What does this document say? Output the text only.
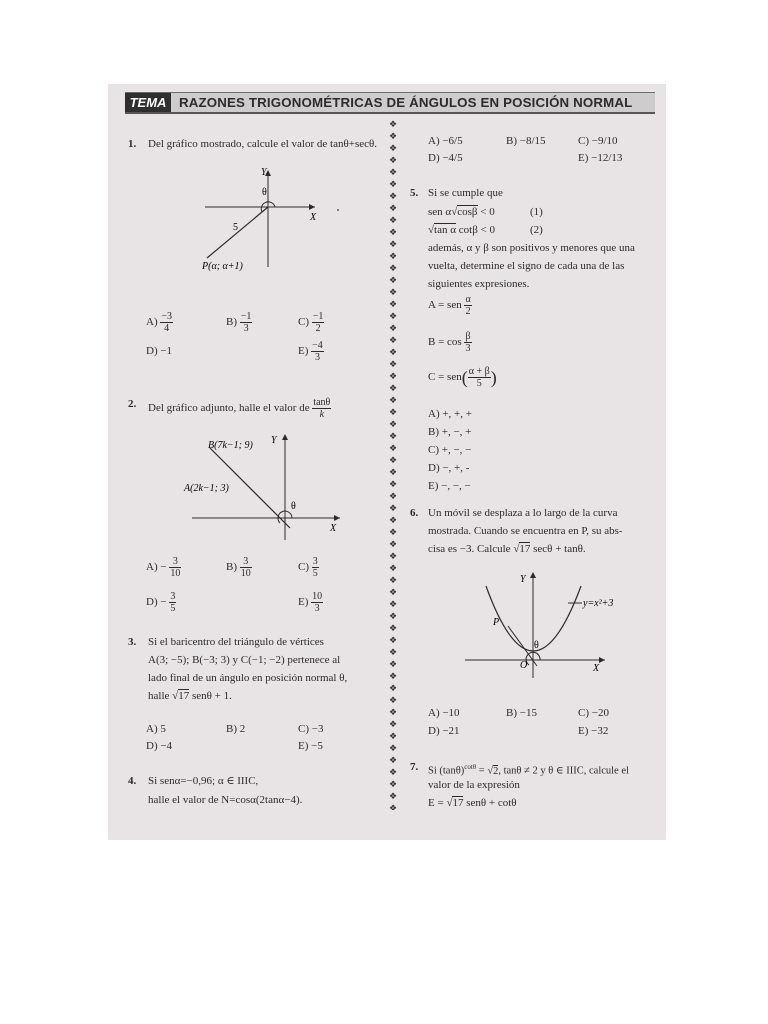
TEMA RAZONES TRIGONOMÉTRICAS DE ÁNGULOS EN POSICIÓN NORMAL
❖
❖
❖
❖
❖
❖
❖
❖
❖
❖
❖
❖
❖
❖
❖
❖
❖
❖
❖
❖
❖
❖
❖
❖
❖
❖
❖
❖
❖
❖
❖
❖
❖
❖
❖
❖
❖
❖
❖
❖
❖
❖
❖
❖
❖
❖
❖
❖
❖
❖
❖
❖
❖
❖
❖
❖
❖
❖

1. Del gráfico mostrado, calcule el valor de tanθ+secθ.
Y
X
θ
5
P(α; α+1)
$A) \frac{-3}{4}$	$B) \frac{-1}{3}$	$C) \frac{-1}{2}$
D) −1	$E) \frac{-4}{3}$
2. Del gráfico adjunto, halle el valor de $\frac{\tan\theta}{k}$
B(7k−1; 9)
A(2k−1; 3)
Y
X
θ
$A) - \frac{3}{10}$	$B) \frac{3}{10}$	$C) \frac{3}{5}$
$D) - \frac{3}{5}$	$E) \frac{10}{3}$
3. Si el baricentro del triángulo de vértices
A(3; −5); B(−3; 3) y C(−1; −2) pertenece al
lado final de un ángulo en posición normal θ,
halle √17 senθ + 1.
A) 5	B) 2	C) −3
D) −4	E) −5
4. Si senα=−0,96; α ∈ IIIC,
halle el valor de N=cosα(2tanα−4).
A) −6/5	B) −8/15	C) −9/10
D) −4/5	E) −12/13
5. Si se cumple que
sen α√cosβ < 0	(1)
√tan α cotβ < 0	(2)
además, α y β son positivos y menores que una
vuelta, determine el signo de cada una de las
siguientes expresiones.
A = sen $\frac{\alpha}{2}$
$B = \cos \frac{\beta}{3}$
$C = sen( \frac{\alpha + \beta}{5}$ )
A) +, +, +
B) +, −, +
C) +, −, −
D) −, +, -
E) −, −, −
6. Un móvil se desplaza a lo largo de la curva
mostrada. Cuando se encuentra en P, su abs-
cisa es −3. Calcule √17 secθ + tanθ.
Y
X
O
P
θ
y=x²+3
A) −10	B) −15	C) −20
D) −21	E) −32
7. Si $(\tan\theta)^{cot\theta} = √2$, tanθ ≠ 2 y θ ∈ IIIC, calcule el
valor de la expresión
E = √17 senθ + cotθ
